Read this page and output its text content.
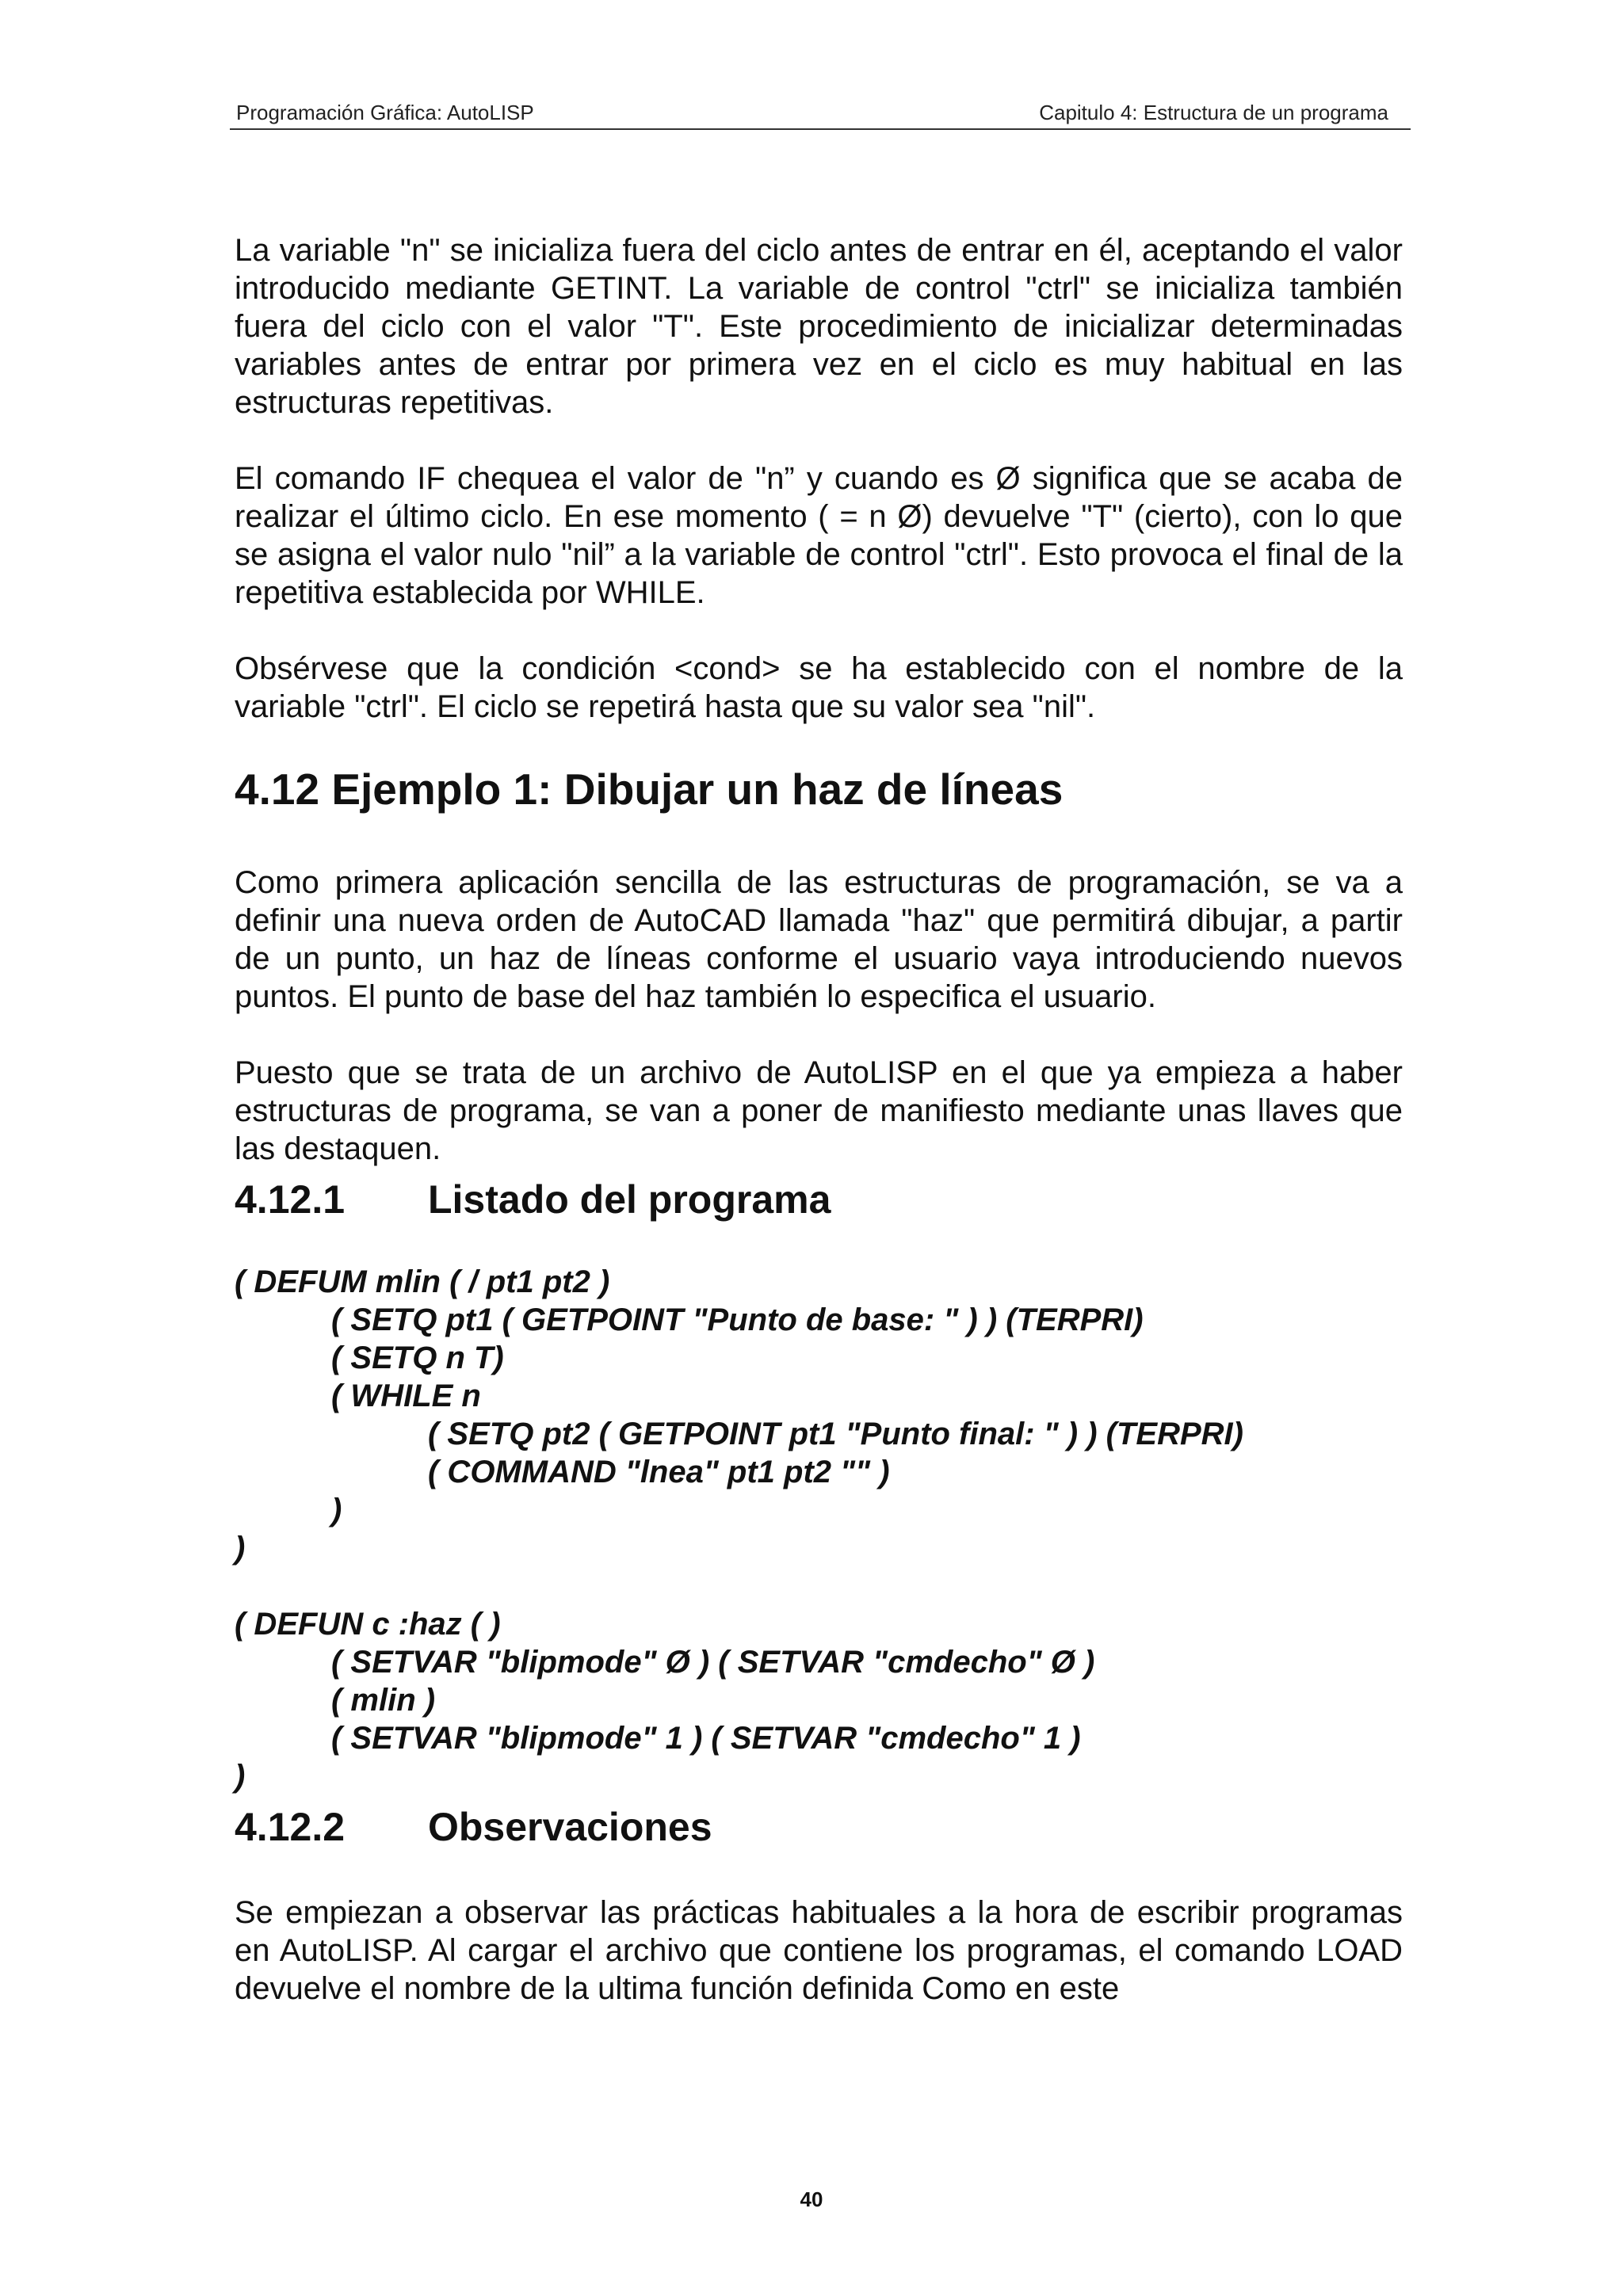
Programación Gráfica: AutoLISP	Capitulo 4: Estructura de un programa

La variable "n" se inicializa fuera del ciclo antes de entrar en él, aceptando el valor introducido mediante GETINT. La variable de control "ctrl" se inicializa también fuera del ciclo con el valor "T". Este procedimiento de inicializar determinadas variables antes de entrar por primera vez en el ciclo es muy habitual en las estructuras repetitivas.

El comando IF chequea el valor de "n” y cuando es Ø significa que se acaba de realizar el último ciclo. En ese momento ( = n Ø) devuelve "T" (cierto), con lo que se asigna el valor nulo "nil” a la variable de control "ctrl". Esto provoca el final de la repetitiva establecida por WHILE.

Obsérvese que la condición <cond> se ha establecido con el nombre de la variable "ctrl". El ciclo se repetirá hasta que su valor sea "nil".

4.12 Ejemplo 1: Dibujar un haz de líneas

Como primera aplicación sencilla de las estructuras de programación, se va a definir una nueva orden de AutoCAD llamada "haz" que permitirá dibujar, a partir de un punto, un haz de líneas conforme el usuario vaya introduciendo nuevos puntos. El punto de base del haz también lo especifica el usuario.

Puesto que se trata de un archivo de AutoLISP en el que ya empieza a haber estructuras de programa, se van a poner de manifiesto mediante unas llaves que las destaquen.

4.12.1	Listado del programa
( DEFUM mlin ( / pt1 pt2 )
( SETQ pt1 ( GETPOINT "Punto de base: " ) ) (TERPRI)
( SETQ n T)
( WHILE n
( SETQ pt2 ( GETPOINT pt1 "Punto final: " ) ) (TERPRI)
( COMMAND "lnea" pt1 pt2 "" )
)
)
( DEFUN c :haz ( )
( SETVAR "blipmode" Ø ) ( SETVAR "cmdecho" Ø )
( mlin )
( SETVAR "blipmode" 1 ) ( SETVAR "cmdecho" 1 )
)
4.12.2	Observaciones

Se empiezan a observar las prácticas habituales a la hora de escribir programas en AutoLISP. Al cargar el archivo que contiene los programas, el comando LOAD devuelve el nombre de la ultima función definida Como en este

40
